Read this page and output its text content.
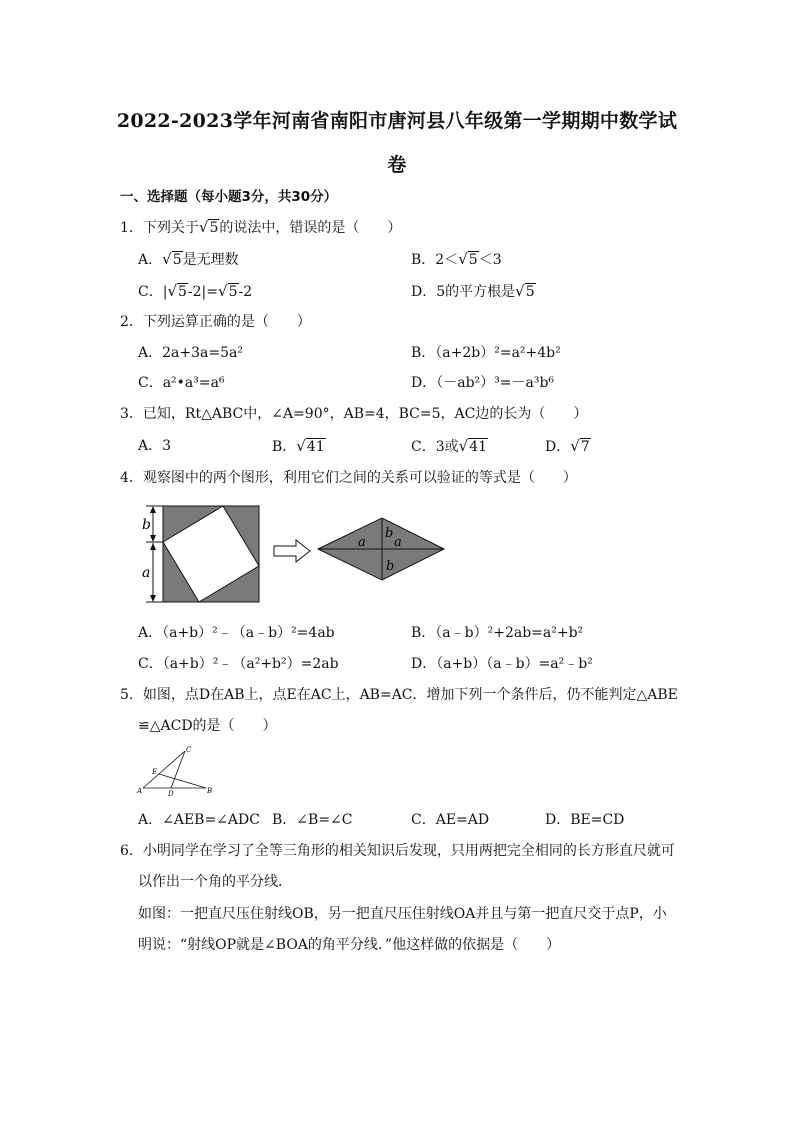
2022-2023学年河南省南阳市唐河县八年级第一学期期中数学试
卷
一、选择题（每小题3分，共30分）
1．下列关于√5的说法中，错误的是（　　）
A．√5是无理数	B．2＜√5＜3
C．|√5-2|=√5-2	D．5的平方根是√5
2．下列运算正确的是（　　）
A．2a+3a=5a²	B．（a+2b）²=a²+4b²
C．a²•a³=a⁶	D．（－ab²）³=－a³b⁶
3．已知，Rt△ABC中，∠A=90°，AB=4，BC=5，AC边的长为（　　）
A．3	B．√41	C．3或√41	D．√7
4．观察图中的两个图形，利用它们之间的关系可以验证的等式是（　　）
b
a
a
b
a
b
A．（a+b）²﹣（a﹣b）²=4ab	B．（a﹣b）²+2ab=a²+b²
C．（a+b）²﹣（a²+b²）=2ab	D．（a+b）（a﹣b）=a²﹣b²
5．如图，点D在AB上，点E在AC上，AB=AC．增加下列一个条件后，仍不能判定△ABE
≌△ACD的是（　　）
C
E
A	D	B
A．∠AEB=∠ADC B．∠B=∠C	C．AE=AD	D．BE=CD
6．小明同学在学习了全等三角形的相关知识后发现，只用两把完全相同的长方形直尺就可
以作出一个角的平分线．
如图：一把直尺压住射线OB，另一把直尺压住射线OA并且与第一把直尺交于点P，小
明说：“射线OP就是∠BOA的角平分线．”他这样做的依据是（　　）
